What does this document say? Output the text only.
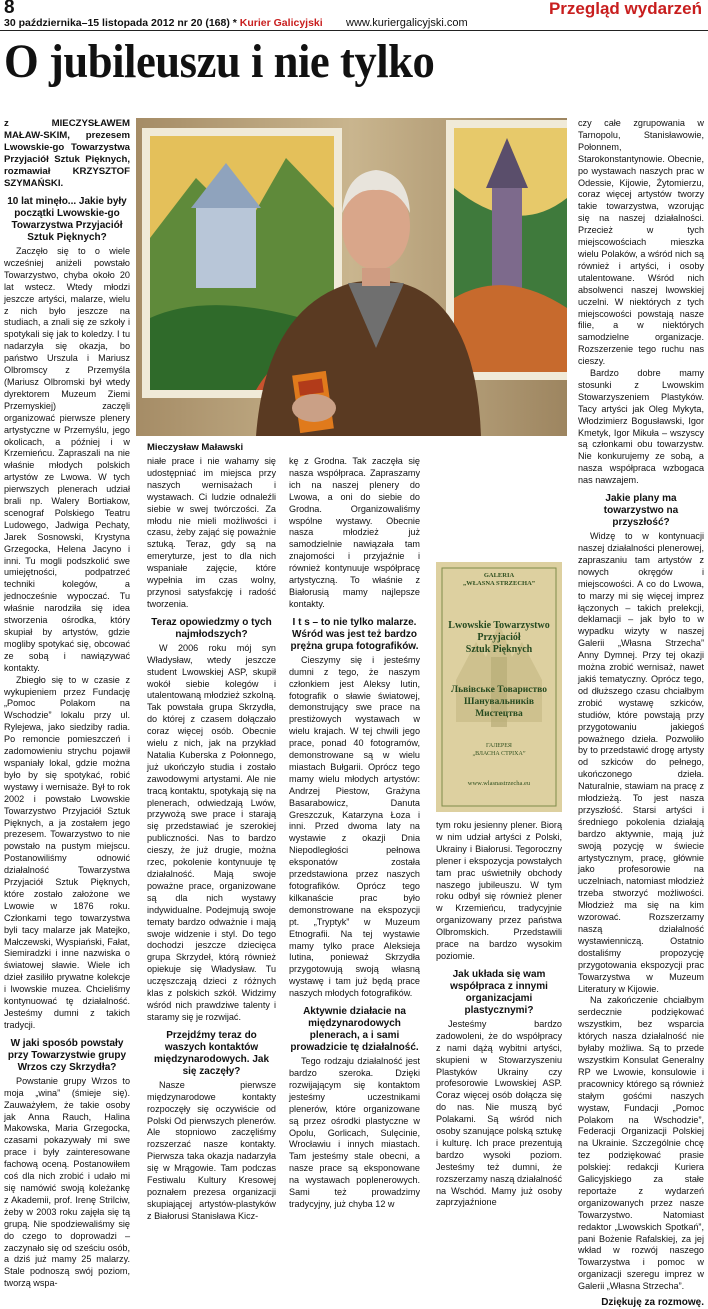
8
30 października–15 listopada 2012 nr 20 (168) * Kurier Galicyjski www.kuriergalicyjski.com
Przegląd wydarzeń
O jubileuszu i nie tylko
Mieczysław Maławski
GALERIA
„WŁASNA STRZECHA”
Lwowskie Towarzystwo
Przyjaciół
Sztuk Pięknych
Львівське Товариство
Шанувальників
Мистецтва
ГАЛЕРЕЯ
„ВЛАСНА СТРІХА”
www.wlasnastrzecha.eu

z MIECZYSŁAWEM MAŁAW-SKIM, prezesem Lwowskie-go Towarzystwa Przyjaciół Sztuk Pięknych, rozmawiał KRZYSZTOF SZYMAŃSKI.

10 lat minęło... Jakie były początki Lwowskie-go Towarzystwa Przyjaciół Sztuk Pięknych?

Zaczęło się to o wiele wcześniej aniżeli powstało Towarzystwo, chyba około 20 lat wstecz. Wtedy młodzi jeszcze artyści, malarze, wielu z nich było jeszcze na studiach, a znali się ze szkoły i spotykali się jak to koledzy. I tu nadarzyła się okazja, bo państwo Urszula i Mariusz Olbromscy z Przemyśla (Mariusz Olbromski był wtedy dyrektorem Muzeum Ziemi Przemyskiej) zaczęli organizować pierwsze plenery artystyczne w Przemyślu, jego okolicach, a później i w Krzemieńcu. Zapraszali na nie właśnie młodych polskich artystów ze Lwowa. W tych pierwszych plenerach udział brali np. Walery Bortiakow, scenograf Polskiego Teatru Ludowego, Jadwiga Pechaty, Jarek Sosnowski, Krystyna Grzegocka, Helena Jacyno i inni. Tu mogli podszkolić swe umiejętności, podpatrzeć techniki kolegów, a jednocześnie wypoczać. Tu właśnie narodziła się idea stworzenia ośrodka, który skupiał by artystów, gdzie mogliby spotykać się, obcować ze sobą i nawiązywać kontakty.

Zbiegło się to w czasie z wykupieniem przez Fundację „Pomoc Polakom na Wschodzie” lokalu przy ul. Rylejewa, jako siedziby radia. Po remoncie pomieszczeń i zadomowieniu strychu pojawił wspaniały lokal, gdzie można było by się spotykać, robić wystawy i wernisaże. Był to rok 2002 i powstało Lwowskie Towarzystwo Przyjaciół Sztuk Pięknych, a ja zostałem jego prezesem. Towarzystwo to nie powstało na pustym miejscu. Postanowiliśmy odnowić działalność Towarzystwa Przyjaciół Sztuk Pięknych, które zostało założone we Lwowie w 1876 roku. Członkami tego towarzystwa byli tacy malarze jak Matejko, Małczewski, Wyspiański, Fałat, Siemiradzki i inne nazwiska o światowej sławie. Wiele ich dzieł zasiliło prywatne kolekcje i lwowskie muzea. Chcieliśmy kontynuować tę działalność. Jesteśmy dumni z takich tradycji.

W jaki sposób powstały przy Towarzystwie grupy Wrzos czy Skrzydła?

Powstanie grupy Wrzos to moja „wina” (śmieje się). Zauważyłem, że takie osoby jak Anna Rauch, Halina Makowska, Maria Grzegocka, czasami pokazywały mi swe prace i były zainteresowane fachową oceną. Postanowiłem coś dla nich zrobić i udało mi się namówić swoją koleżankę z Akademii, prof. Irenę Strilciw, żeby w 2003 roku zajęła się tą grupą. Nie spodziewaliśmy się do czego to doprowadzi – zaczynało się od sześciu osób, a dziś już mamy 25 malarzy. Stale podnoszą swój poziom, tworzą wspa-

niałe prace i nie wahamy się udostępniać im miejsca przy naszych wernisażach i wystawach. Ci ludzie odnaleźli siebie w swej twórczości. Za młodu nie mieli możliwości i czasu, żeby zająć się poważnie sztuką. Teraz, gdy są na emeryturze, jest to dla nich wspaniałe zajęcie, które wypełnia im czas wolny, przynosi satysfakcję i radość tworzenia.

Teraz opowiedzmy o tych najmłodszych?

W 2006 roku mój syn Władysław, wtedy jeszcze student Lwowskiej ASP, skupił wokół siebie kolegów i utalentowaną młodzież szkolną. Tak powstała grupa Skrzydła, do której z czasem dołączało coraz więcej osób. Obecnie wielu z nich, jak na przykład Natalia Kuberska z Połonnego, już ukończyło studia i zostało zawodowymi artystami. Ale nie tracą kontaktu, spotykają się na plenerach, odwiedzają Lwów, przywożą swe prace i starają się przedstawiać je szerokiej publiczności. Nas to bardzo cieszy, że już drugie, można rzec, pokolenie kontynuuje tę działalność. Mają swoje poważne prace, organizowane są dla nich wystawy indywidualne. Podejmują swoje tematy bardzo odważnie i mają swoje widzenie i styl. Do tego dochodzi jeszcze dziecięca grupa Skrzydeł, którą również opiekuje się Władysław. Tu uczęszczają dzieci z różnych klas z polskich szkół. Widzimy wśród nich prawdziwe talenty i staramy się je rozwijać.

Przejdźmy teraz do waszych kontaktów międzynarodowych. Jak się zaczęły?

Nasze pierwsze międzynarodowe kontakty rozpoczęły się oczywiście od Polski Od pierwszych plenerów. Ale stopniowo zaczęliśmy rozszerzać nasze kontakty. Pierwsza taka okazja nadarzyła się w Mrągowie. Tam podczas Festiwalu Kultury Kresowej poznałem prezesa organizacji skupiającej artystów-plastyków z Białorusi Stanisława Kicz-

kę z Grodna. Tak zaczęła się nasza współpraca. Zapraszamy ich na naszej plenery do Lwowa, a oni do siebie do Grodna. Organizowaliśmy wspólne wystawy. Obecnie nasza młodzież już samodzielnie nawiązała tam znajomości i przyjaźnie i również kontynuuje współpracę artystyczną. To właśnie z Białorusią mamy najlepsze kontakty.

I t s – to nie tylko malarze. Wśród was jest też bardzo prężna grupa fotografików.

Cieszymy się i jesteśmy dumni z tego, że naszym członkiem jest Aleksy Iutin, fotografik o sławie światowej, demonstrujący swe prace na prestiżowych wystawach w wielu krajach. W tej chwili jego prace, ponad 40 fotogramów, demonstrowane są w wielu miastach Bułgarii. Oprócz tego mamy wielu młodych artystów: Andrzej Piestow, Grażyna Basarabowicz, Danuta Greszczuk, Katarzyna Łoza i inni. Przed dwoma laty na wystawie z okazji Dnia Niepodległości pełnowa eksponatów została przedstawiona przez naszych fotografików. Oprócz tego kilkanaście prac było demonstrowane na ekspozycji pt. „Tryptyk” w Muzeum Etnografii. Na tej wystawie mamy tylko prace Aleksieja Iutina, ponieważ Skrzydła przygotowują swoją własną wystawę i tam już będą prace naszych młodych fotografików.

Aktywnie działacie na międzynarodowych plenerach, a i sami prowadzicie tę działalność.

Tego rodzaju działalność jest bardzo szeroka. Dzięki rozwijającym się kontaktom jesteśmy uczestnikami plenerów, które organizowane są przez ośrodki plastyczne w Opolu, Gorlicach, Sulęcinie, Wrocławiu i innych miastach. Tam jesteśmy stale obecni, a nasze prace są eksponowane na wystawach poplenerowych. Sami też prowadzimy tradycyjny, już chyba 12 w

tym roku jesienny plener. Biorą w nim udział artyści z Polski, Ukrainy i Białorusi. Tegoroczny plener i ekspozycja powstałych tam prac uświetniły obchody naszego jubileuszu. W tym roku odbył się również plener w Krzemieńcu, tradycyjnie organizowany przez państwa Olbromskich. Przedstawili prace na bardzo wysokim poziomie.

Jak układa się wam współpraca z innymi organizacjami plastycznymi?

Jesteśmy bardzo zadowoleni, że do współpracy z nami dążą wybitni artyści, skupieni w Stowarzyszeniu Plastyków Ukrainy czy profesorowie Lwowskiej ASP. Coraz więcej osób dołącza się do nas. Nie muszą być Polakami. Są wśród nich osoby szanujące polską sztukę i kulturę. Ich prace prezentują bardzo wysoki poziom. Jesteśmy też dumni, że rozszerzamy naszą działalność na Wschód. Mamy już osoby zaprzyjaźnione

czy całe zgrupowania w Tarnopolu, Stanisławowie, Połonnem, Starokonstantynowie. Obecnie, po wystawach naszych prac w Odessie, Kijowie, Żytomierzu, coraz więcej artystów tworzy takie towarzystwa, wzorując się na naszej działalności. Przecież w tych miejscowościach mieszka wielu Polaków, a wśród nich są również i artyści, i osoby utalentowane. Wśród nich absolwenci naszej lwowskiej uczelni. W niektórych z tych miejscowości powstają nasze filie, a w niektórych samodzielne organizacje. Rozszerzenie tego ruchu nas cieszy.

Bardzo dobre mamy stosunki z Lwowskim Stowarzyszeniem Plastyków. Tacy artyści jak Oleg Mykyta, Włodzimierz Bogusławski, Igor Kmetyk, Igor Mikuła – wszyscy są członkami obu towarzystw. Nie konkurujemy ze sobą, a nasza współpraca wzbogaca nas nawzajem.

Jakie plany ma towarzystwo na przyszłość?

Widzę to w kontynuacji naszej działalności plenerowej, zapraszaniu tam artystów z nowych okręgów i miejscowości. A co do Lwowa, to marzy mi się więcej imprez łączonych – takich prelekcji, deklamacji – jak było to w wypadku wizyty w naszej Galerii „Własna Strzecha” Anny Dymnej. Przy tej okazji można zrobić wernisaż, nawet jakiś tematyczny. Oprócz tego, od dłuższego czasu chciałbym zrobić wystawę szkiców, studiów, które powstają przy przygotowaniu jakiegoś poważnego dzieła. Pozwoliło by to przedstawić drogę artysty od szkiców do pełnego, ukończonego dzieła. Naturalnie, stawiam na pracę z młodzieżą. To jest nasza przyszłość. Starsi artyści i średniego pokolenia działają bardzo aktywnie, mają już swoją pozycję w świecie artystycznym, pracę, głównie jako profesorowie na uczelniach, natomiast młodzież trzeba stworzyć możliwości. Młodzież ma się na kim wzorować. Rozszerzamy naszą działalność wystawienniczą. Ostatnio dostaliśmy propozycję przygotowania ekspozycji prac Towarzystwa w Muzeum Literatury w Kijowie.

Na zakończenie chciałbym serdecznie podziękować wszystkim, bez wsparcia których nasza działalność nie byłaby możliwa. Są to przede wszystkim Konsulat Generalny RP we Lwowie, konsulowie i pracownicy którego są również stałym gośćmi naszych wystaw, Fundacji „Pomoc Polakom na Wschodzie”, Federacji Organizacji Polskiej na Ukrainie. Szczególnie chcę tez podziękować prasie polskiej: redakcji Kuriera Galicyjskiego za stałe reportaże z wydarzeń organizowanych przez nasze Towarzystwo. Natomiast redaktor „Lwowskich Spotkań”, pani Bożenie Rafalskiej, za jej wkład w rozwój naszego Towarzystwa i pomoc w organizacji szeregu imprez w Galerii „Własna Strzecha”.

Dziękuję za rozmowę.
